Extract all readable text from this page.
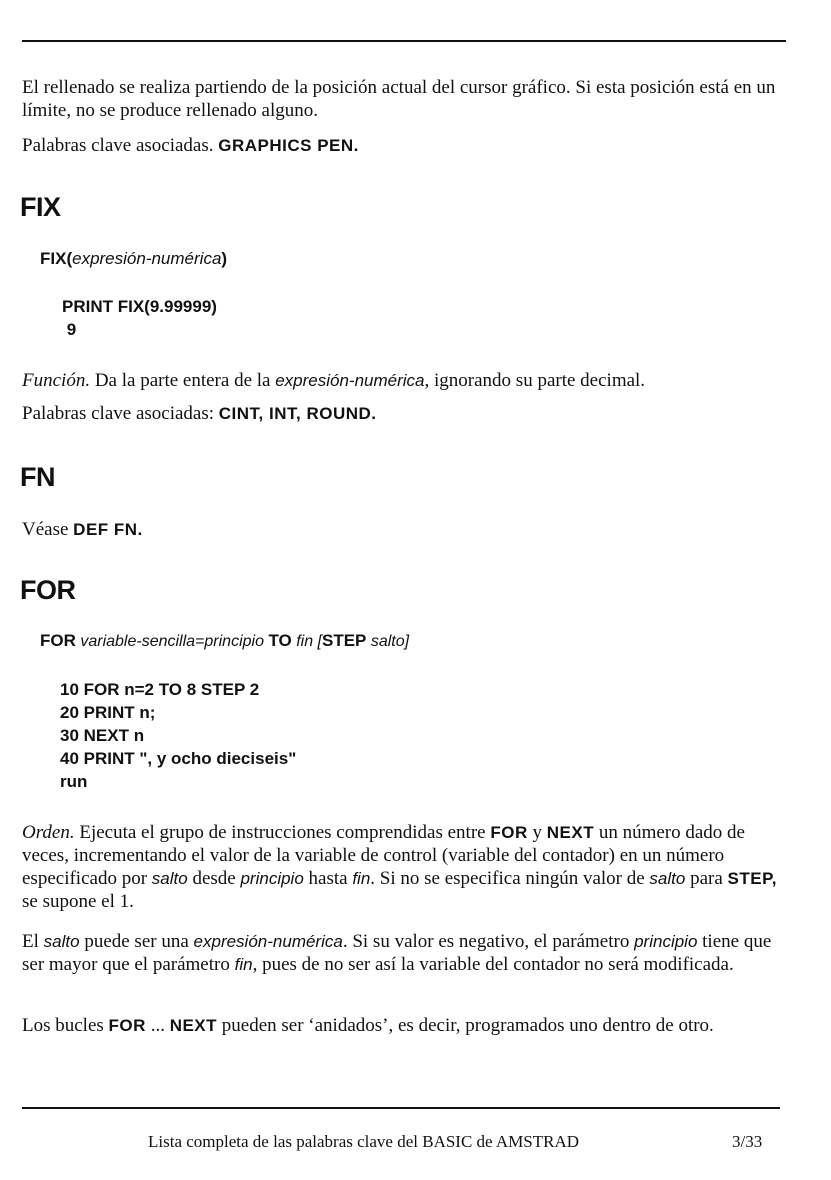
El rellenado se realiza partiendo de la posición actual del cursor gráfico. Si esta posición está en un límite, no se produce rellenado alguno.

Palabras clave asociadas. GRAPHICS PEN.

FIX

FIX(expresión-numérica)

PRINT FIX(9.99999)
9

Función. Da la parte entera de la expresión-numérica, ignorando su parte decimal.

Palabras clave asociadas: CINT, INT, ROUND.

FN

Véase DEF FN.

FOR

FOR variable-sencilla=principio TO fin [STEP salto]

10 FOR n=2 TO 8 STEP 2
20 PRINT n;
30 NEXT n
40 PRINT ", y ocho dieciseis"
run

Orden. Ejecuta el grupo de instrucciones comprendidas entre FOR y NEXT un número dado de veces, incrementando el valor de la variable de control (variable del contador) en un número especificado por salto desde principio hasta fin. Si no se especifica ningún valor de salto para STEP, se supone el 1.

El salto puede ser una expresión-numérica. Si su valor es negativo, el parámetro principio tiene que ser mayor que el parámetro fin, pues de no ser así la variable del contador no será modificada.

Los bucles FOR ... NEXT pueden ser ‘anidados’, es decir, programados uno dentro de otro.

Lista completa de las palabras clave del BASIC de AMSTRAD	3/33
